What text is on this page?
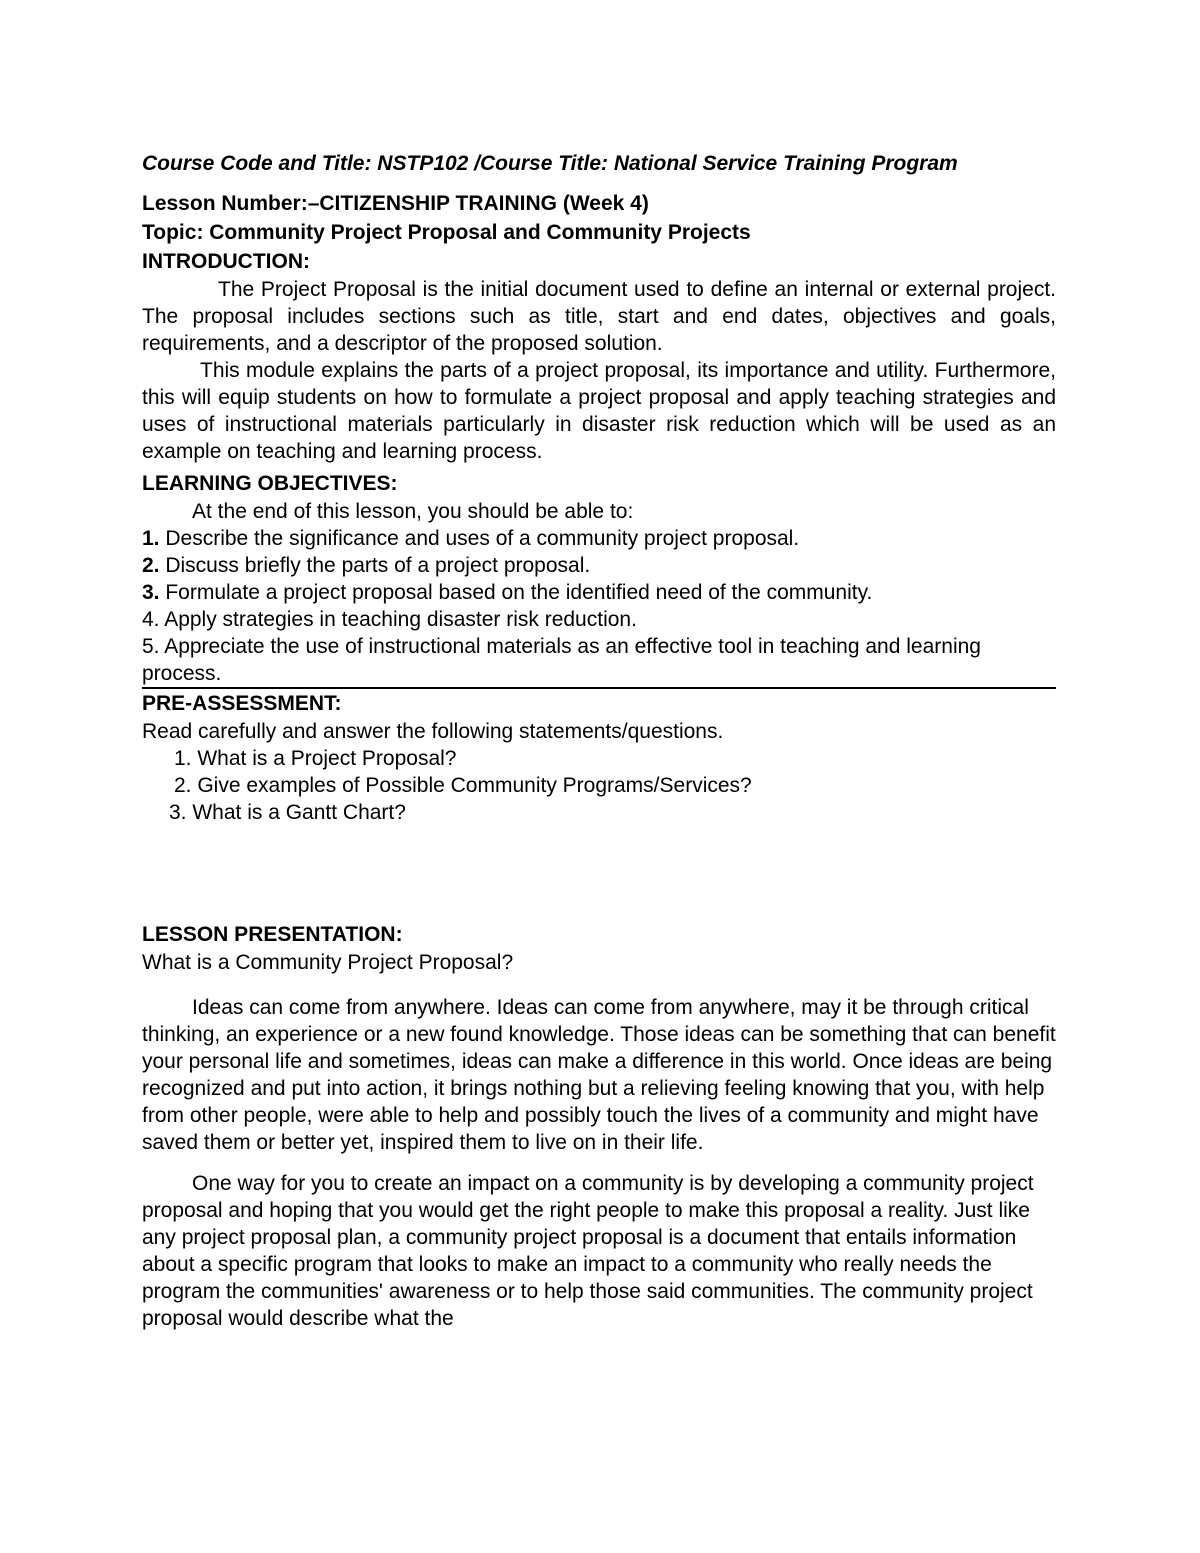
Course Code and Title: NSTP102 /Course Title: National Service Training Program

Lesson Number:–CITIZENSHIP TRAINING (Week 4)

Topic: Community Project Proposal and Community Projects

INTRODUCTION:

The Project Proposal is the initial document used to define an internal or external project. The proposal includes sections such as title, start and end dates, objectives and goals, requirements, and a descriptor of the proposed solution.

This module explains the parts of a project proposal, its importance and utility. Furthermore, this will equip students on how to formulate a project proposal and apply teaching strategies and uses of instructional materials particularly in disaster risk reduction which will be used as an example on teaching and learning process.

LEARNING OBJECTIVES:

At the end of this lesson, you should be able to:

1. Describe the significance and uses of a community project proposal.
2. Discuss briefly the parts of a project proposal.
3. Formulate a project proposal based on the identified need of the community.
4. Apply strategies in teaching disaster risk reduction.
5. Appreciate the use of instructional materials as an effective tool in teaching and learning process.

PRE-ASSESSMENT:

Read carefully and answer the following statements/questions.

1. What is a Project Proposal?
2. Give examples of Possible Community Programs/Services?
3. What is a Gantt Chart?

LESSON PRESENTATION:

What is a Community Project Proposal?

Ideas can come from anywhere. Ideas can come from anywhere, may it be through critical thinking, an experience or a new found knowledge. Those ideas can be something that can benefit your personal life and sometimes, ideas can make a difference in this world. Once ideas are being recognized and put into action, it brings nothing but a relieving feeling knowing that you, with help from other people, were able to help and possibly touch the lives of a community and might have saved them or better yet, inspired them to live on in their life.

One way for you to create an impact on a community is by developing a community project proposal and hoping that you would get the right people to make this proposal a reality. Just like any project proposal plan, a community project proposal is a document that entails information about a specific program that looks to make an impact to a community who really needs the program the communities' awareness or to help those said communities. The community project proposal would describe what the
